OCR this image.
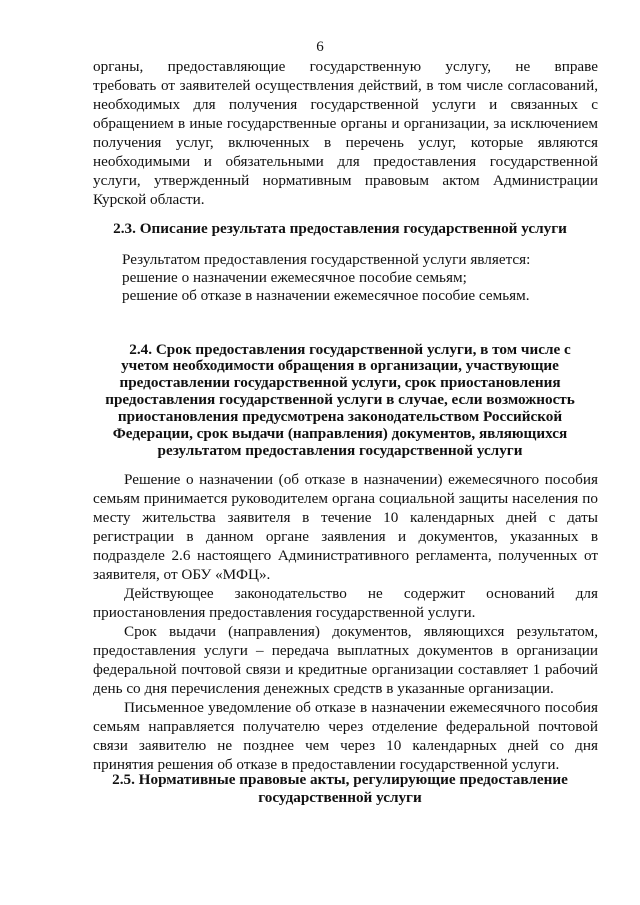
6
органы, предоставляющие государственную услугу, не вправе
требовать от заявителей осуществления действий, в том числе согласований,
необходимых для получения государственной услуги и связанных с
обращением в иные государственные органы и организации, за исключением
получения услуг, включенных в перечень услуг, которые являются
необходимыми и обязательными для предоставления государственной
услуги, утвержденный нормативным правовым актом Администрации
Курской области.
2.3. Описание результата предоставления государственной услуги
Результатом предоставления государственной услуги является:
решение о назначении ежемесячное пособие семьям;
решение об отказе в назначении ежемесячное пособие семьям.
2.4. Срок предоставления государственной услуги, в том числе с
учетом необходимости обращения в организации, участвующие
предоставлении государственной услуги, срок приостановления
предоставления государственной услуги в случае, если возможность
приостановления предусмотрена законодательством Российской
Федерации, срок выдачи (направления) документов, являющихся
результатом предоставления государственной услуги
Решение о назначении (об отказе в назначении) ежемесячного пособия
семьям принимается руководителем органа социальной защиты населения по
месту жительства заявителя в течение 10 календарных дней с даты
регистрации в данном органе заявления и документов, указанных в
подразделе 2.6 настоящего Административного регламента, полученных от
заявителя, от ОБУ «МФЦ».
Действующее законодательство не содержит оснований для
приостановления предоставления государственной услуги.
Срок выдачи (направления) документов, являющихся результатом,
предоставления услуги – передача выплатных документов в организации
федеральной почтовой связи и кредитные организации составляет 1 рабочий
день со дня перечисления денежных средств в указанные организации.
Письменное уведомление об отказе в назначении ежемесячного пособия
семьям направляется получателю через отделение федеральной почтовой
связи заявителю не позднее чем через 10 календарных дней со дня
принятия решения об отказе в предоставлении государственной услуги.
2.5. Нормативные правовые акты, регулирующие предоставление
государственной услуги
